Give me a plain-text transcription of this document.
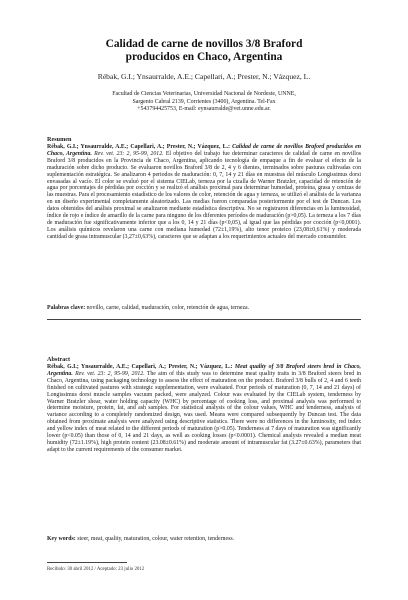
Calidad de carne de novillos 3/8 Braford
producidos en Chaco, Argentina
Rébak, G.I.; Ynsaurralde, A.E.; Capellari, A.; Prester, N.; Vázquez, L.
Facultad de Ciencias Veterinarias, Universidad Nacional de Nordeste, UNNE,
Sargento Cabral 2139, Corrientes (3400), Argentina. Tel-Fax
+543794425753, E-mail: eynsaurralde@vet.unne.edu.ar.
Resumen

Rébak, G.I.; Ynsaurralde, A.E.; Capellari, A.; Prester, N.; Vázquez, L.: Calidad de carne de novillos Braford producidos en Chaco, Argentina. Rev. vet. 23: 2, 95-99, 2012. El objetivo del trabajo fue determinar caracteres de calidad de carne en novillos Braford 3/8 producidos en la Provincia de Chaco, Argentina, aplicando tecnología de empaque a fin de evaluar el efecto de la maduración sobre dicho producto. Se evaluaron novillos Braford 3/8 de 2, 4 y 6 dientes, terminados sobre pasturas cultivadas con suplementación estratégica. Se analizaron 4 periodos de maduración: 0, 7, 14 y 21 días en muestras del músculo Longissimus dorsi envasadas al vacío. El color se evaluó por el sistema CIELab, terneza por la cizalla de Warner Bratzler, capacidad de retención de agua por porcentajes de pérdidas por cocción y se realizó el análisis proximal para determinar humedad, proteína, grasa y cenizas de las muestras. Para el procesamiento estadístico de los valores de color, retención de agua y terneza, se utilizó el análisis de la varianza en un diseño experimental completamente aleatorizado. Las medias fueron comparadas posteriormente por el test de Duncan. Los datos obtenidos del análisis proximal se analizaron mediante estadística descriptiva. No se registraron diferencias en la luminosidad, índice de rojo e índice de amarillo de la carne para ninguno de los diferentes períodos de maduración (p>0,05). La terneza a los 7 días de maduración fue significativamente inferior que a los 0, 14 y 21 días (p<0,05), al igual que las pérdidas por cocción (p<0,0001). Los análisis químicos revelaron una carne con mediana humedad (72±1,19%), alto tenor proteico (23,08±0,61%) y moderada cantidad de grasa intramuscular (3,27±0,63%), caracteres que se adaptan a los requerimientos actuales del mercado consumidor.

Palabras clave: novillo, carne, calidad, maduración, color, retención de agua, terneza.
Abstract

Rébak, G.I.; Ynsaurralde, A.E.; Capellari, A.; Prester, N.; Vázquez, L.: Meat quality of 3/8 Braford steers bred in Chaco, Argentina. Rev. vet. 23: 2, 95-99, 2012. The aim of this study was to determine meat quality traits in 3/8 Braford steers bred in Chaco, Argentina, using packaging technology to assess the effect of maturation on the product. Braford 3/8 bulls of 2, 4 and 6 teeth finished on cultivated pastures with strategic supplementation, were evaluated. Four periods of maturation (0, 7, 14 and 21 days) of Longissimus dorsi muscle samples vacuum packed, were analyzed. Colour was evaluated by the CIELab system, tenderness by Warner Bratzler shear, water holding capacity (WHC) by percentage of cooking loss, and proximal analysis was performed to determine moisture, protein, fat, and ash samples. For statistical analysis of the colour values, WHC and tenderness, analysis of variance according to a completely randomized design, was used. Means were compared subsequently by Duncan test. The data obtained from proximate analysis were analyzed using descriptive statistics. There were no differences in the luminosity, red index and yellow index of meat related to the different periods of maturation (p>0.05). Tenderness at 7 days of maturation was significantly lower (p<0.05) than those of 0, 14 and 21 days, as well as cooking losses (p<0.0001). Chemical analysis revealed a median meat humidity (72±1.19%), high protein content (23.08±0.61%) and moderate amount of intramuscular fat (3.27±0.63%), parameters that adapt to the current requirements of the consumer market.

Key words: steer, meat, quality, maturation, colour, water retention, tenderness.
Recibido: 30 abril 2012 / Aceptado: 23 julio 2012
